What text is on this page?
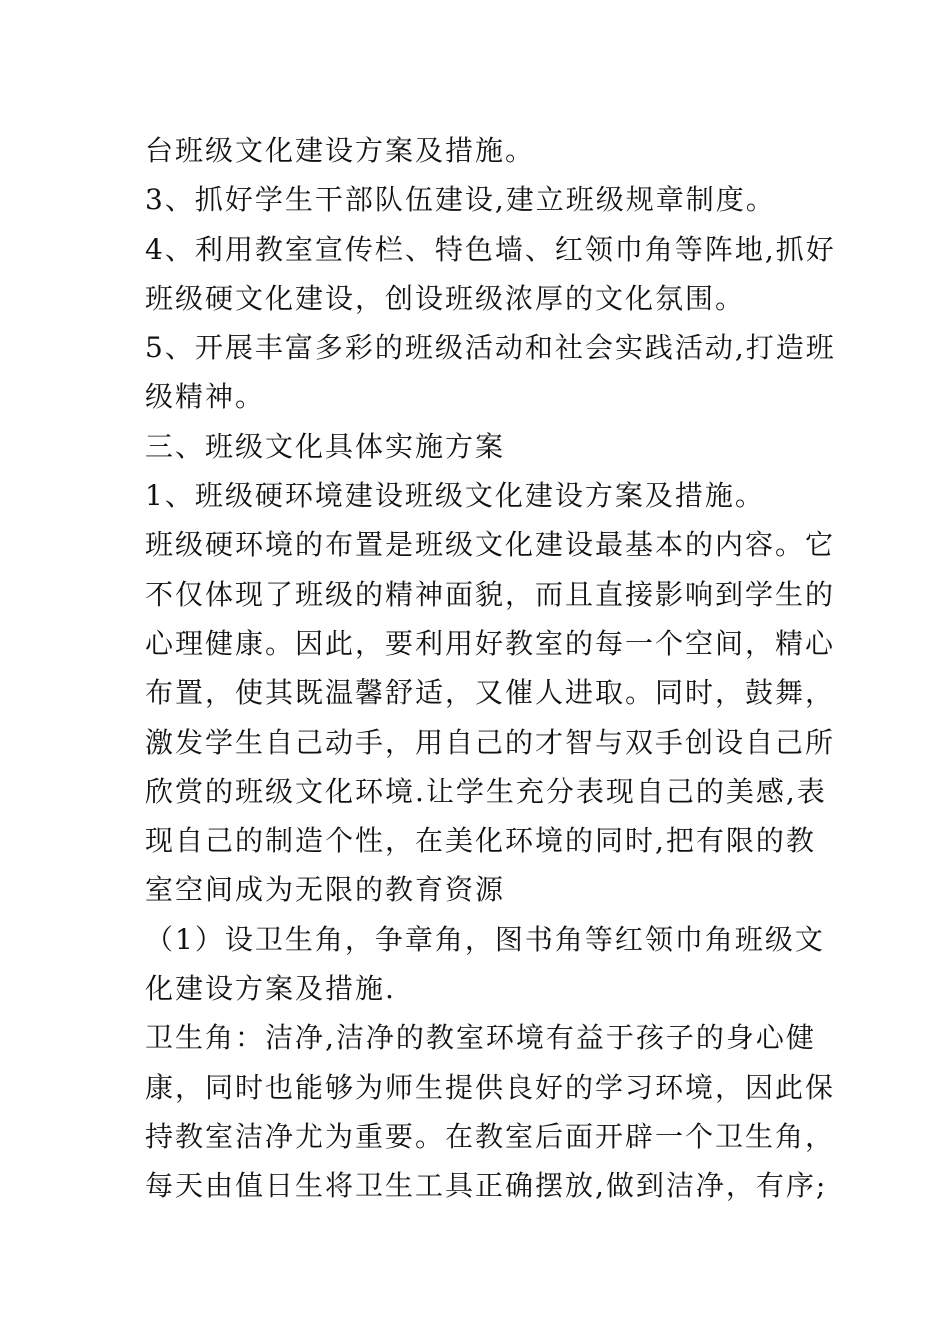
台班级文化建设方案及措施。
3、抓好学生干部队伍建设,建立班级规章制度。
4、利用教室宣传栏、特色墙、红领巾角等阵地,抓好
班级硬文化建设，创设班级浓厚的文化氛围。
5、开展丰富多彩的班级活动和社会实践活动,打造班
级精神。
三、班级文化具体实施方案
1、班级硬环境建设班级文化建设方案及措施。
班级硬环境的布置是班级文化建设最基本的内容。它
不仅体现了班级的精神面貌，而且直接影响到学生的
心理健康。因此，要利用好教室的每一个空间，精心
布置，使其既温馨舒适，又催人进取。同时，鼓舞，
激发学生自己动手，用自己的才智与双手创设自己所
欣赏的班级文化环境.让学生充分表现自己的美感,表
现自己的制造个性，在美化环境的同时,把有限的教
室空间成为无限的教育资源
（1）设卫生角，争章角，图书角等红领巾角班级文
化建设方案及措施.
卫生角：洁净,洁净的教室环境有益于孩子的身心健
康，同时也能够为师生提供良好的学习环境，因此保
持教室洁净尤为重要。在教室后面开辟一个卫生角，
每天由值日生将卫生工具正确摆放,做到洁净，有序;
